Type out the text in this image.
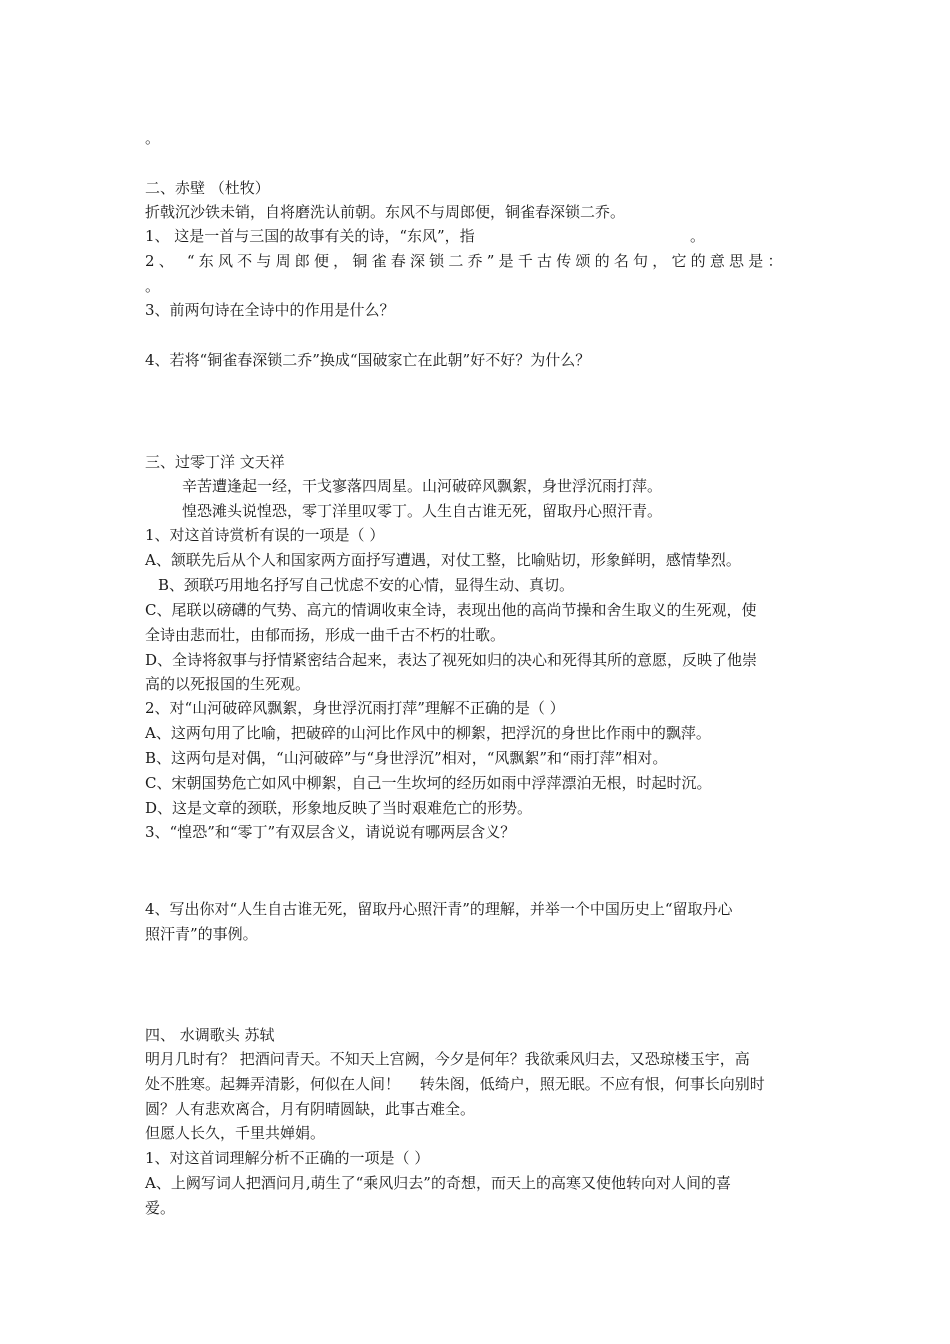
。
二、赤壁 （杜牧）
折戟沉沙铁未销，自将磨洗认前朝。东风不与周郎便，铜雀春深锁二乔。
1、 这是一首与三国的故事有关的诗，“东风”，指	。
2、 “东风不与周郎便，铜雀春深锁二乔”是千古传颂的名句，它的意思是：
。
3、前两句诗在全诗中的作用是什么？
4、若将“铜雀春深锁二乔”换成“国破家亡在此朝”好不好？为什么？
三、过零丁洋 文天祥
辛苦遭逢起一经，干戈寥落四周星。山河破碎风飘絮，身世浮沉雨打萍。
惶恐滩头说惶恐，零丁洋里叹零丁。人生自古谁无死，留取丹心照汗青。
1、对这首诗赏析有误的一项是（ ）
A、颔联先后从个人和国家两方面抒写遭遇，对仗工整，比喻贴切，形象鲜明，感情挚烈。
B、颈联巧用地名抒写自己忧虑不安的心情，显得生动、真切。
C、尾联以磅礴的气势、高亢的情调收束全诗，表现出他的高尚节操和舍生取义的生死观，使
全诗由悲而壮，由郁而扬，形成一曲千古不朽的壮歌。
D、全诗将叙事与抒情紧密结合起来，表达了视死如归的决心和死得其所的意愿，反映了他崇
高的以死报国的生死观。
2、对“山河破碎风飘絮，身世浮沉雨打萍”理解不正确的是（ ）
A、这两句用了比喻，把破碎的山河比作风中的柳絮，把浮沉的身世比作雨中的飘萍。
B、这两句是对偶，“山河破碎”与“身世浮沉”相对，“风飘絮”和“雨打萍”相对。
C、宋朝国势危亡如风中柳絮，自己一生坎坷的经历如雨中浮萍漂泊无根，时起时沉。
D、这是文章的颈联，形象地反映了当时艰难危亡的形势。
3、“惶恐”和“零丁”有双层含义，请说说有哪两层含义？
4、写出你对“人生自古谁无死，留取丹心照汗青”的理解，并举一个中国历史上“留取丹心
照汗青”的事例。
四、 水调歌头 苏轼
明月几时有？ 把酒问青天。不知天上宫阙，今夕是何年？我欲乘风归去，又恐琼楼玉宇，高
处不胜寒。起舞弄清影，何似在人间！　 转朱阁，低绮户，照无眠。不应有恨，何事长向别时
圆？人有悲欢离合，月有阴晴圆缺，此事古难全。
但愿人长久，千里共婵娟。
1、对这首词理解分析不正确的一项是（ ）
A、上阙写词人把酒问月,萌生了“乘风归去”的奇想，而天上的高寒又使他转向对人间的喜
爱。
